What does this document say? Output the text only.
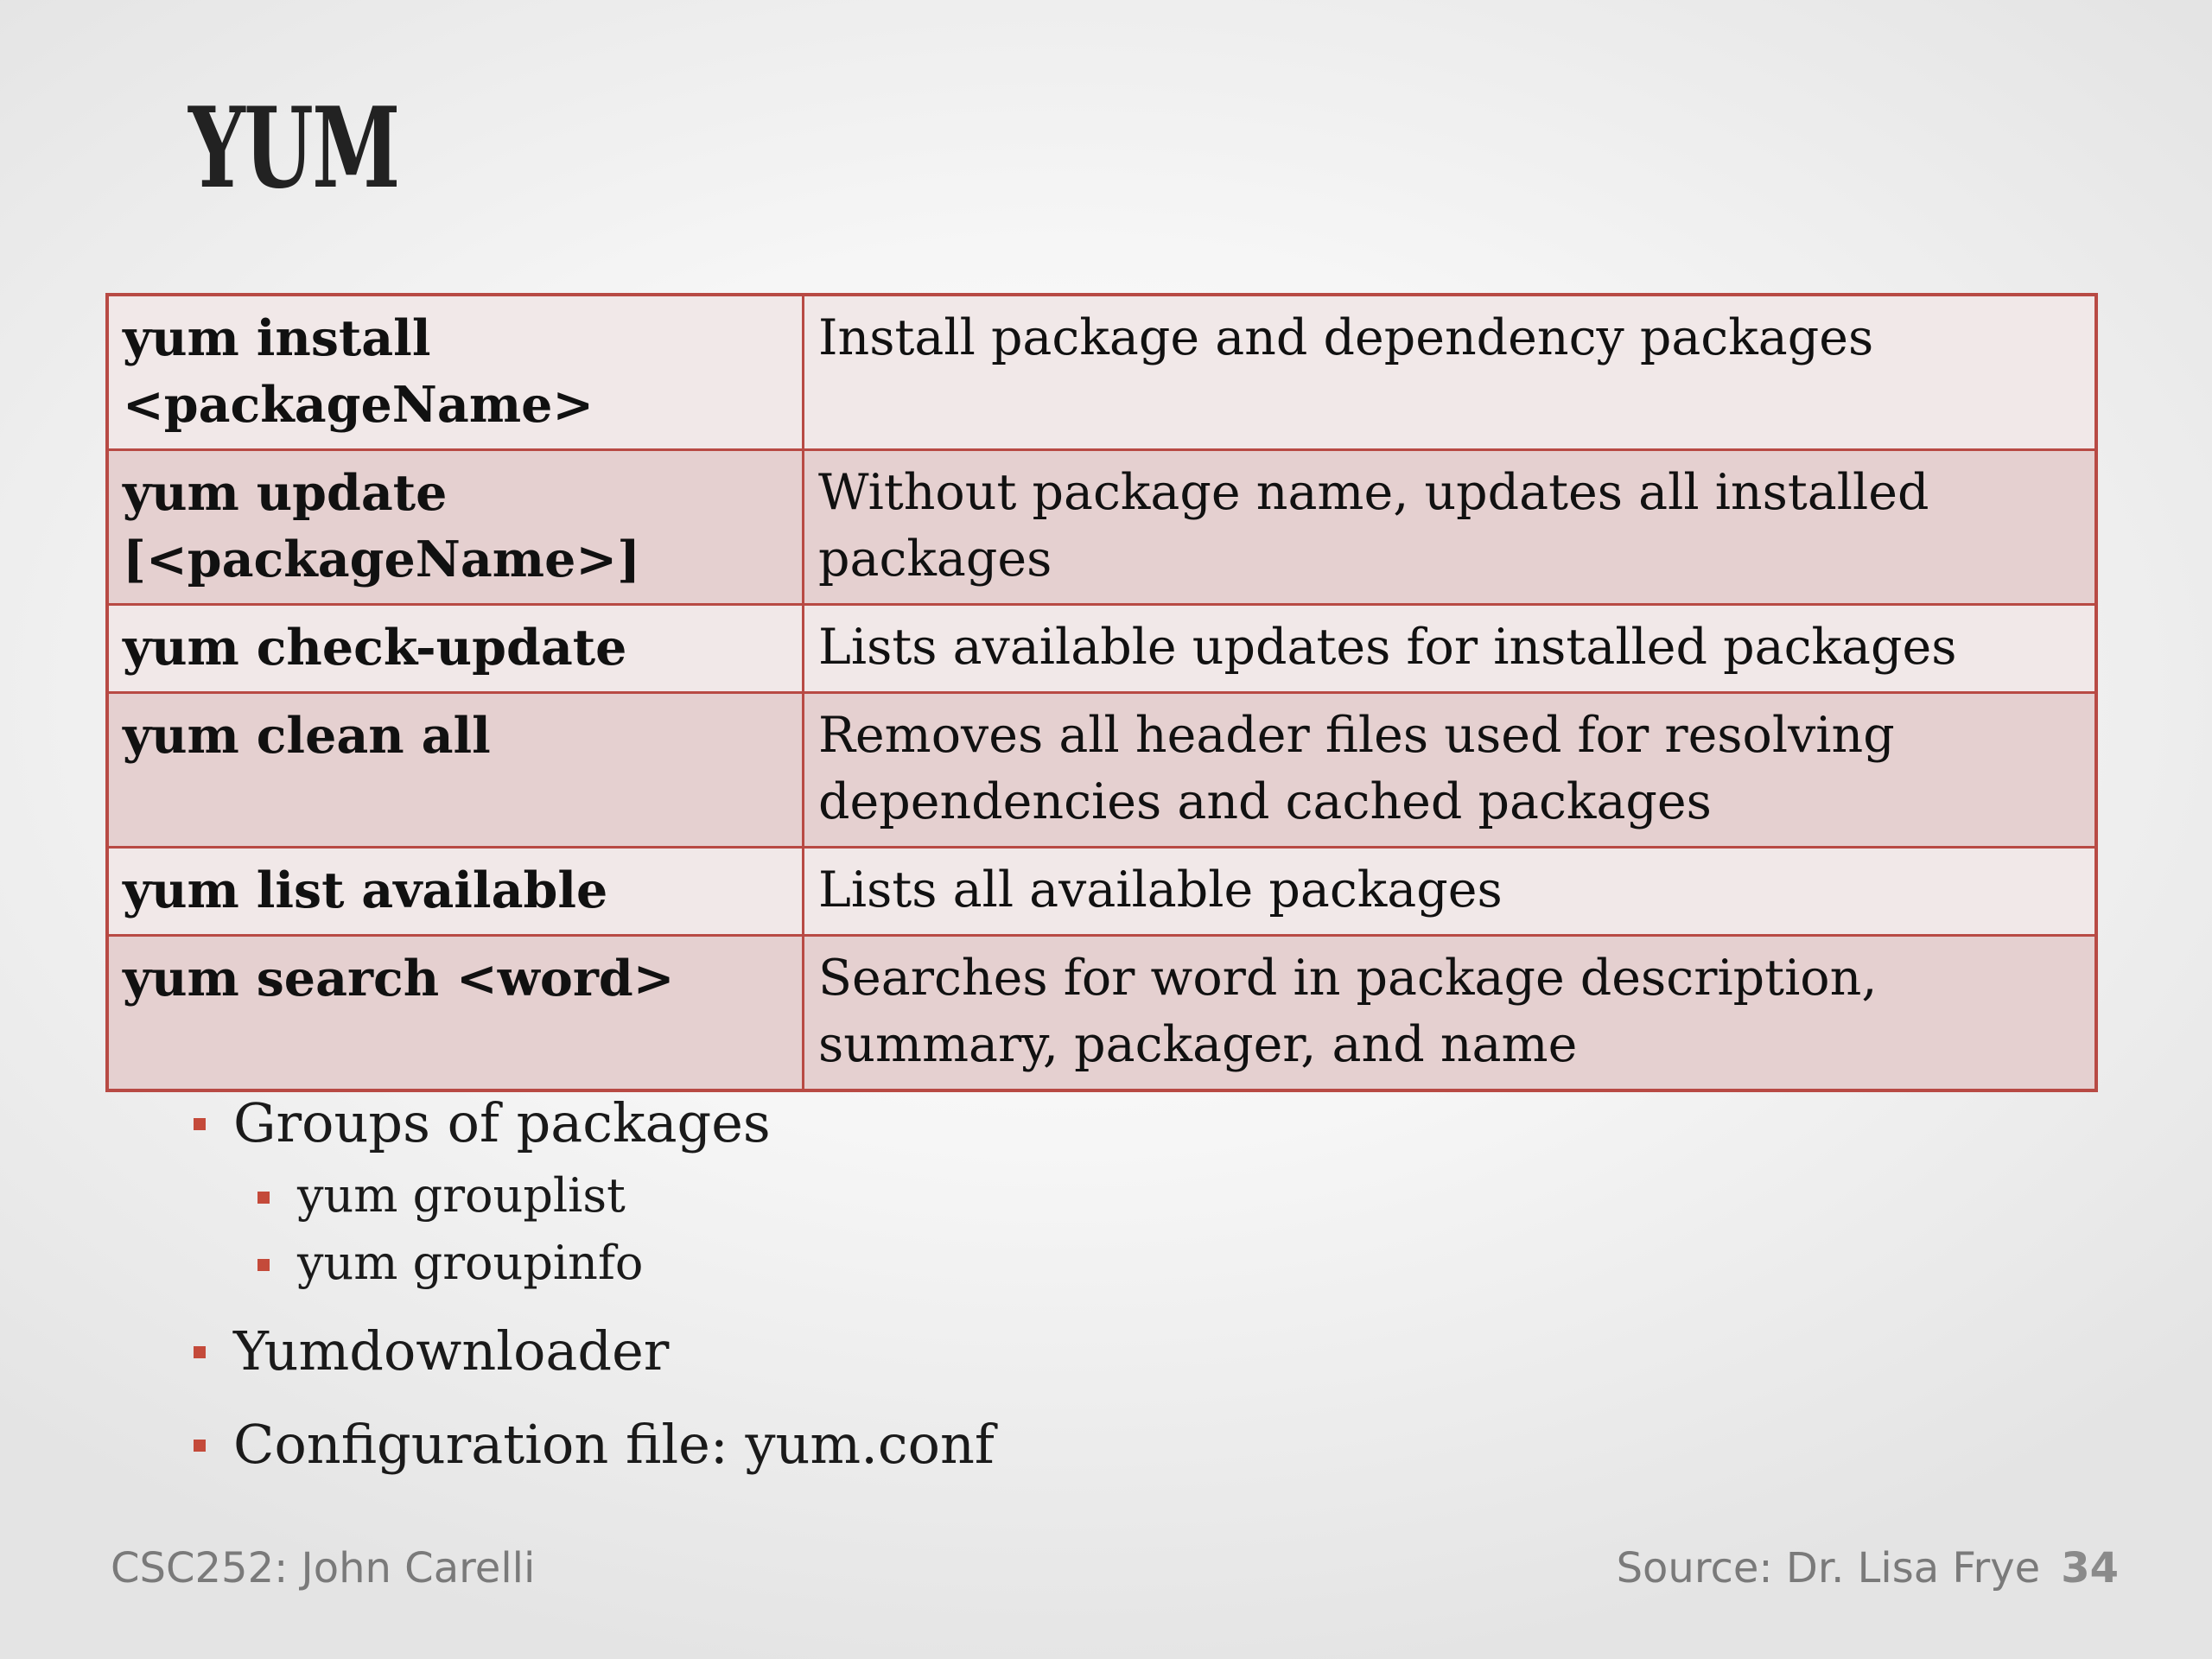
YUM
yum install <packageName>	Install package and dependency packages
yum update [<packageName>]	Without package name, updates all installed packages
yum check-update	Lists available updates for installed packages
yum clean all	Removes all header files used for resolving dependencies and cached packages
yum list available	Lists all available packages
yum search <word>	Searches for word in package description, summary, packager, and name
Groups of packages
yum grouplist
yum groupinfo
Yumdownloader
Configuration file: yum.conf
CSC252: John Carelli	Source: Dr. Lisa Frye 34
